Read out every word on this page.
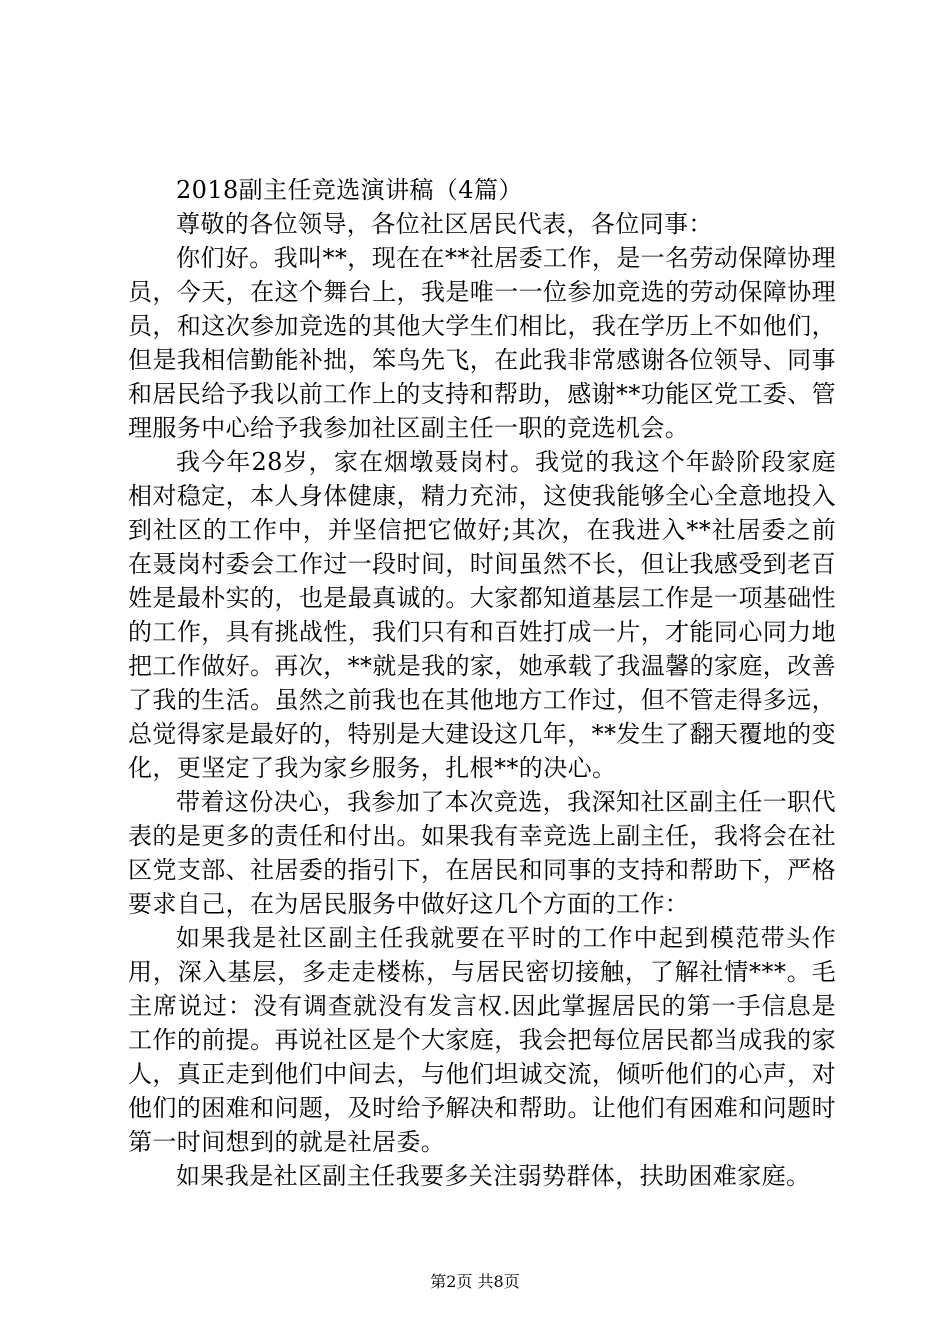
2018副主任竞选演讲稿（4篇）

尊敬的各位领导，各位社区居民代表，各位同事：

你们好。我叫**，现在在**社居委工作，是一名劳动保障协理员，今天，在这个舞台上，我是唯一一位参加竞选的劳动保障协理员，和这次参加竞选的其他大学生们相比，我在学历上不如他们，但是我相信勤能补拙，笨鸟先飞，在此我非常感谢各位领导、同事和居民给予我以前工作上的支持和帮助，感谢**功能区党工委、管理服务中心给予我参加社区副主任一职的竞选机会。

我今年28岁，家在烟墩聂岗村。我觉的我这个年龄阶段家庭相对稳定，本人身体健康，精力充沛，这使我能够全心全意地投入到社区的工作中，并坚信把它做好;其次，在我进入**社居委之前在聂岗村委会工作过一段时间，时间虽然不长，但让我感受到老百姓是最朴实的，也是最真诚的。大家都知道基层工作是一项基础性的工作，具有挑战性，我们只有和百姓打成一片，才能同心同力地把工作做好。再次，**就是我的家，她承载了我温馨的家庭，改善了我的生活。虽然之前我也在其他地方工作过，但不管走得多远，总觉得家是最好的，特别是大建设这几年，**发生了翻天覆地的变化，更坚定了我为家乡服务，扎根**的决心。

带着这份决心，我参加了本次竞选，我深知社区副主任一职代表的是更多的责任和付出。如果我有幸竞选上副主任，我将会在社区党支部、社居委的指引下，在居民和同事的支持和帮助下，严格要求自己，在为居民服务中做好这几个方面的工作：

如果我是社区副主任我就要在平时的工作中起到模范带头作用，深入基层，多走走楼栋，与居民密切接触，了解社情***。毛主席说过：没有调查就没有发言权.因此掌握居民的第一手信息是工作的前提。再说社区是个大家庭，我会把每位居民都当成我的家人，真正走到他们中间去，与他们坦诚交流，倾听他们的心声，对他们的困难和问题，及时给予解决和帮助。让他们有困难和问题时第一时间想到的就是社居委。

如果我是社区副主任我要多关注弱势群体，扶助困难家庭。

第2页 共8页
